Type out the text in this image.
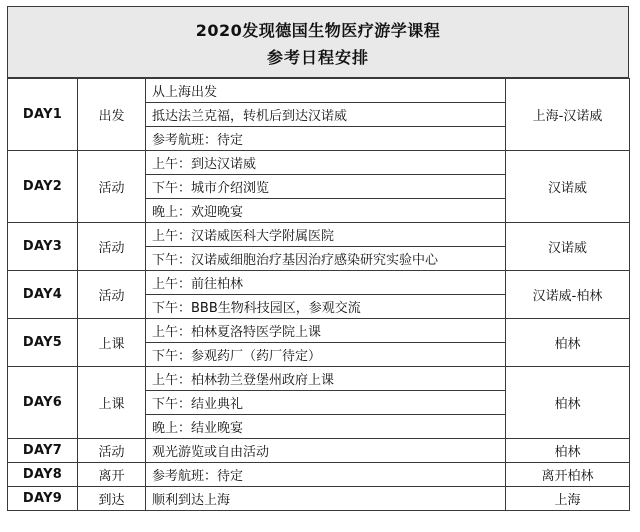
2020发现德国生物医疗游学课程
参考日程安排
DAY1	出发	从上海出发	上海-汉诺威
		抵达法兰克福，转机后到达汉诺威	
		参考航班：待定	
DAY2	活动	上午：到达汉诺威	汉诺威
		下午：城市介绍浏览	
		晚上：欢迎晚宴	
DAY3	活动	上午：汉诺威医科大学附属医院	汉诺威
		下午：汉诺威细胞治疗基因治疗感染研究实验中心	
DAY4	活动	上午：前往柏林	汉诺威-柏林
		下午：BBB生物科技园区，参观交流	
DAY5	上课	上午：柏林夏洛特医学院上课	柏林
		下午：参观药厂（药厂待定）	
DAY6	上课	上午：柏林勃兰登堡州政府上课	柏林
		下午：结业典礼	
		晚上：结业晚宴	
DAY7	活动	观光游览或自由活动	柏林
DAY8	离开	参考航班：待定	离开柏林
DAY9	到达	顺利到达上海	上海
